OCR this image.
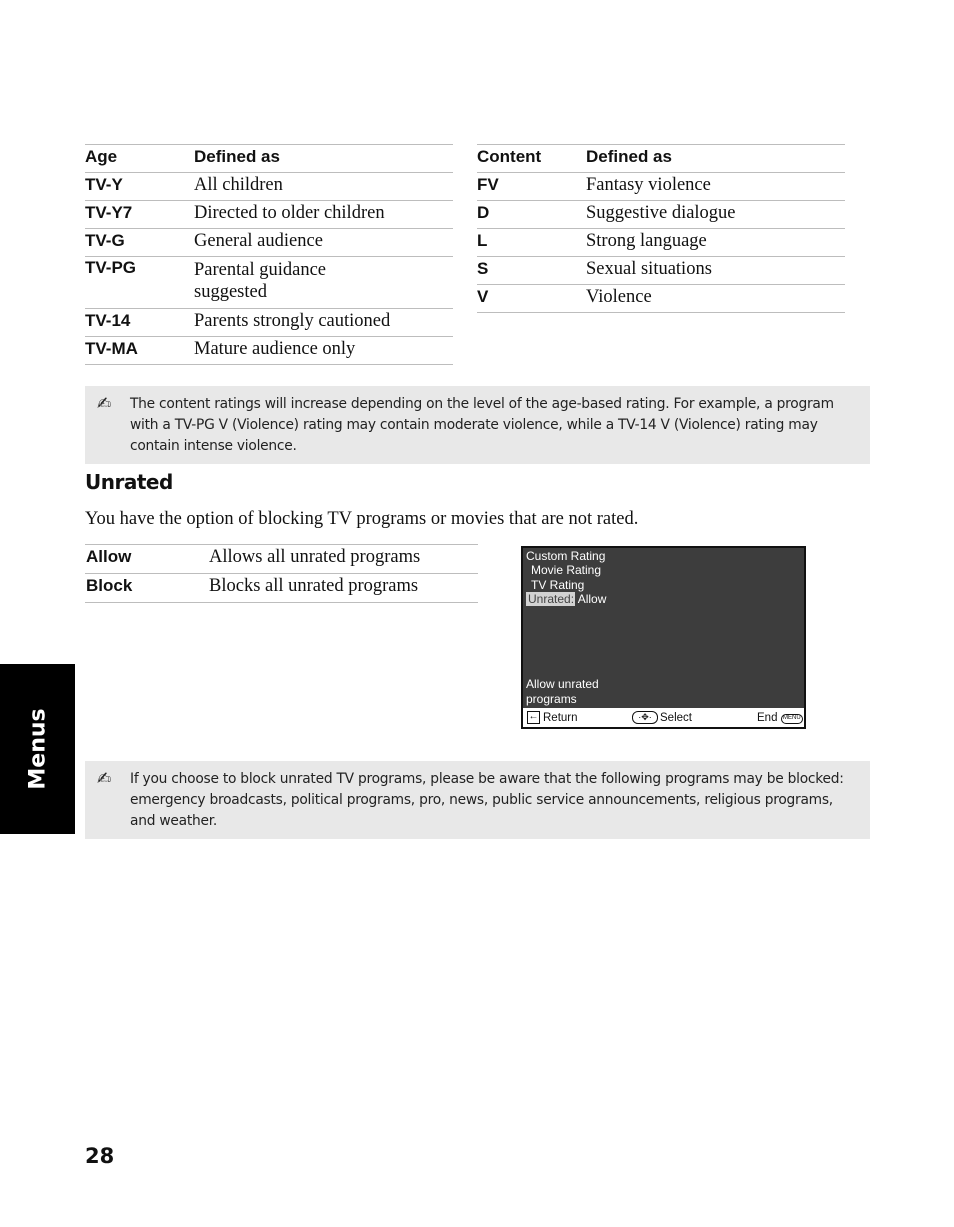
Age	Defined as
TV-Y	All children
TV-Y7	Directed to older children
TV-G	General audience
TV-PG	Parental guidance suggested
TV-14	Parents strongly cautioned
TV-MA	Mature audience only
Content	Defined as
FV	Fantasy violence
D	Suggestive dialogue
L	Strong language
S	Sexual situations
V	Violence
✍ The content ratings will increase depending on the level of the age-based rating. For example, a program with a TV-PG V (Violence) rating may contain moderate violence, while a TV-14 V (Violence) rating may contain intense violence.
Unrated
You have the option of blocking TV programs or movies that are not rated.
Allow	Allows all unrated programs
Block	Blocks all unrated programs
Custom Rating
Movie Rating
TV Rating
Unrated: Allow
Allow unrated
programs
← Return	·✥· Select	End MENU
✍ If you choose to block unrated TV programs, please be aware that the following programs may be blocked: emergency broadcasts, political programs, pro, news, public service announcements, religious programs, and weather.
Menus
28
